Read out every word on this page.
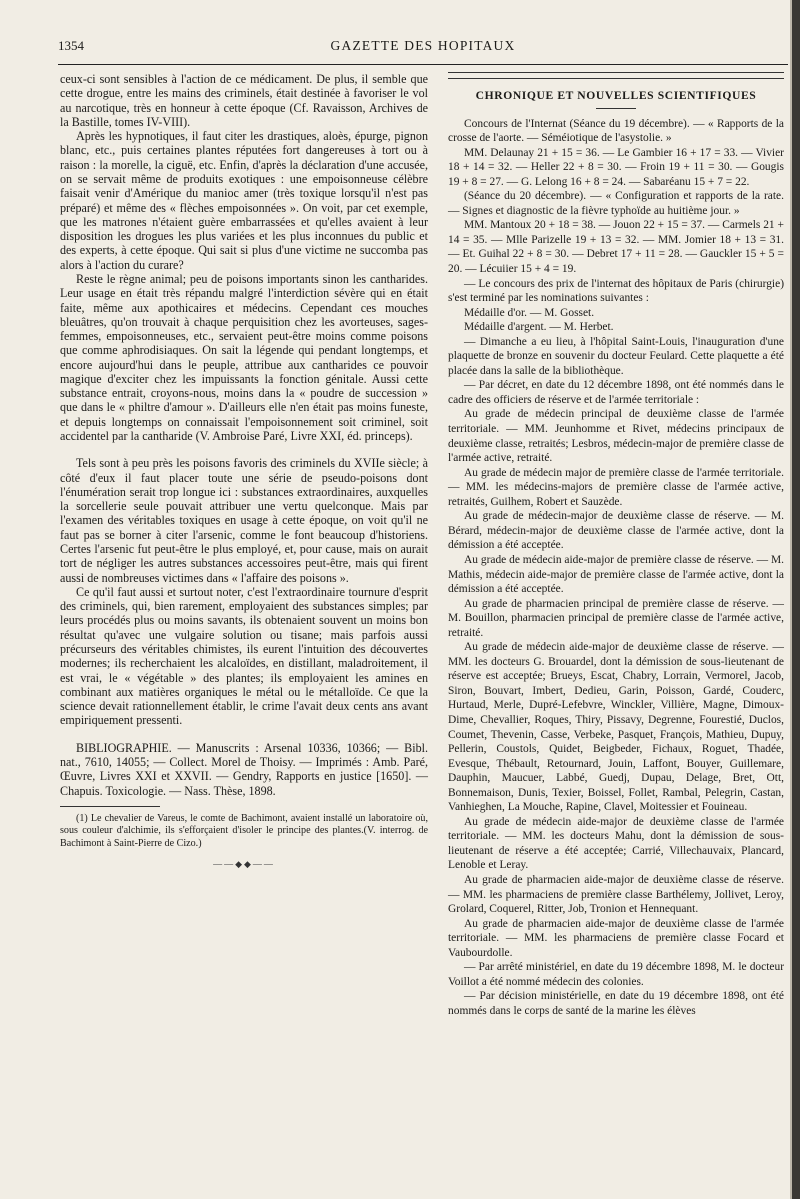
1354	GAZETTE DES HOPITAUX

ceux-ci sont sensibles à l'action de ce médicament. De plus, il semble que cette drogue, entre les mains des criminels, était destinée à favoriser le vol au narcotique, très en honneur à cette époque (Cf. Ravaisson, Archives de la Bastille, tomes IV-VIII).

Après les hypnotiques, il faut citer les drastiques, aloès, épurge, pignon blanc, etc., puis certaines plantes réputées fort dangereuses à tort ou à raison : la morelle, la ciguë, etc. Enfin, d'après la déclaration d'une accusée, on se servait même de produits exotiques : une empoisonneuse célèbre faisait venir d'Amérique du manioc amer (très toxique lorsqu'il n'est pas préparé) et même des « flèches empoisonnées ». On voit, par cet exemple, que les matrones n'étaient guère embarrassées et qu'elles avaient à leur disposition les drogues les plus variées et les plus inconnues du public et des experts, à cette époque. Qui sait si plus d'une victime ne succomba pas alors à l'action du curare?

Reste le règne animal; peu de poisons importants sinon les cantharides. Leur usage en était très répandu malgré l'interdiction sévère qui en était faite, même aux apothicaires et médecins. Cependant ces mouches bleuâtres, qu'on trouvait à chaque perquisition chez les avorteuses, sages-femmes, empoisonneuses, etc., servaient peut-être moins comme poisons que comme aphrodisiaques. On sait la légende qui pendant longtemps, et encore aujourd'hui dans le peuple, attribue aux cantharides ce pouvoir magique d'exciter chez les impuissants la fonction génitale. Aussi cette substance entrait, croyons-nous, moins dans la « poudre de succession » que dans le « philtre d'amour ». D'ailleurs elle n'en était pas moins funeste, et depuis longtemps on connaissait l'empoisonnement soit criminel, soit accidentel par la cantharide (V. Ambroise Paré, Livre XXI, éd. princeps).

Tels sont à peu près les poisons favoris des criminels du XVIIe siècle; à côté d'eux il faut placer toute une série de pseudo-poisons dont l'énumération serait trop longue ici : substances extraordinaires, auxquelles la sorcellerie seule pouvait attribuer une vertu quelconque. Mais par l'examen des véritables toxiques en usage à cette époque, on voit qu'il ne faut pas se borner à citer l'arsenic, comme le font beaucoup d'historiens. Certes l'arsenic fut peut-être le plus employé, et, pour cause, mais on aurait tort de négliger les autres substances accessoires peut-être, mais qui firent aussi de nombreuses victimes dans « l'affaire des poisons ».

Ce qu'il faut aussi et surtout noter, c'est l'extraordinaire tournure d'esprit des criminels, qui, bien rarement, employaient des substances simples; par leurs procédés plus ou moins savants, ils obtenaient souvent un moins bon résultat qu'avec une vulgaire solution ou tisane; mais parfois aussi précurseurs des véritables chimistes, ils eurent l'intuition des découvertes modernes; ils recherchaient les alcaloïdes, en distillant, maladroitement, il est vrai, le « végétable » des plantes; ils employaient les amines en combinant aux matières organiques le métal ou le métalloïde. Ce que la science devait rationnellement établir, le crime l'avait deux cents ans avant empiriquement pressenti.

BIBLIOGRAPHIE. — Manuscrits : Arsenal 10336, 10366; — Bibl. nat., 7610, 14055; — Collect. Morel de Thoisy. — Imprimés : Amb. Paré, Œuvre, Livres XXI et XXVII. — Gendry, Rapports en justice [1650]. — Chapuis. Toxicologie. — Nass. Thèse, 1898.

(1) Le chevalier de Vareus, le comte de Bachimont, avaient installé un laboratoire où, sous couleur d'alchimie, ils s'efforçaient d'isoler le principe des plantes.(V. interrog. de Bachimont à Saint-Pierre de Cizo.)

——◆◆——
CHRONIQUE ET NOUVELLES SCIENTIFIQUES

Concours de l'Internat (Séance du 19 décembre). — « Rapports de la crosse de l'aorte. — Séméiotique de l'asystolie. »

MM. Delaunay 21 + 15 = 36. — Le Gambier 16 + 17 = 33. — Vivier 18 + 14 = 32. — Heller 22 + 8 = 30. — Froin 19 + 11 = 30. — Gougis 19 + 8 = 27. — G. Lelong 16 + 8 = 24. — Sabaréanu 15 + 7 = 22.

(Séance du 20 décembre). — « Configuration et rapports de la rate. — Signes et diagnostic de la fièvre typhoïde au huitième jour. »

MM. Mantoux 20 + 18 = 38. — Jouon 22 + 15 = 37. — Carmels 21 + 14 = 35. — Mlle Parizelle 19 + 13 = 32. — MM. Jomier 18 + 13 = 31. — Et. Guihal 22 + 8 = 30. — Debret 17 + 11 = 28. — Gauckler 15 + 5 = 20. — Lécuiier 15 + 4 = 19.

— Le concours des prix de l'internat des hôpitaux de Paris (chirurgie) s'est terminé par les nominations suivantes :

Médaille d'or. — M. Gosset.

Médaille d'argent. — M. Herbet.

— Dimanche a eu lieu, à l'hôpital Saint-Louis, l'inauguration d'une plaquette de bronze en souvenir du docteur Feulard. Cette plaquette a été placée dans la salle de la bibliothèque.

— Par décret, en date du 12 décembre 1898, ont été nommés dans le cadre des officiers de réserve et de l'armée territoriale :

Au grade de médecin principal de deuxième classe de l'armée territoriale. — MM. Jeunhomme et Rivet, médecins principaux de deuxième classe, retraités; Lesbros, médecin-major de première classe de l'armée active, retraité.

Au grade de médecin major de première classe de l'armée territoriale. — MM. les médecins-majors de première classe de l'armée active, retraités, Guilhem, Robert et Sauzède.

Au grade de médecin-major de deuxième classe de réserve. — M. Bérard, médecin-major de deuxième classe de l'armée active, dont la démission a été acceptée.

Au grade de médecin aide-major de première classe de réserve. — M. Mathis, médecin aide-major de première classe de l'armée active, dont la démission a été acceptée.

Au grade de pharmacien principal de première classe de réserve. — M. Bouillon, pharmacien principal de première classe de l'armée active, retraité.

Au grade de médecin aide-major de deuxième classe de réserve. — MM. les docteurs G. Brouardel, dont la démission de sous-lieutenant de réserve est acceptée; Brueys, Escat, Chabry, Lorrain, Vermorel, Jacob, Siron, Bouvart, Imbert, Dedieu, Garin, Poisson, Gardé, Couderc, Hurtaud, Merle, Dupré-Lefebvre, Winckler, Villière, Magne, Dimoux-Dime, Chevallier, Roques, Thiry, Pissavy, Degrenne, Fourestié, Duclos, Coumet, Thevenin, Casse, Verbeke, Pasquet, François, Mathieu, Dupuy, Pellerin, Coustols, Quidet, Beigbeder, Fichaux, Roguet, Thadée, Evesque, Thébault, Retournard, Jouin, Laffont, Bouyer, Guillemare, Dauphin, Maucuer, Labbé, Guedj, Dupau, Delage, Bret, Ott, Bonnemaison, Dunis, Texier, Boissel, Follet, Rambal, Pelegrin, Castan, Vanhieghen, La Mouche, Rapine, Clavel, Moitessier et Fouineau.

Au grade de médecin aide-major de deuxième classe de l'armée territoriale. — MM. les docteurs Mahu, dont la démission de sous-lieutenant de réserve a été acceptée; Carrié, Villechauvaix, Plancard, Lenoble et Leray.

Au grade de pharmacien aide-major de deuxième classe de réserve. — MM. les pharmaciens de première classe Barthélemy, Jollivet, Leroy, Grolard, Coquerel, Ritter, Job, Tronion et Hennequant.

Au grade de pharmacien aide-major de deuxième classe de l'armée territoriale. — MM. les pharmaciens de première classe Focard et Vaubourdolle.

— Par arrêté ministériel, en date du 19 décembre 1898, M. le docteur Voillot a été nommé médecin des colonies.

— Par décision ministérielle, en date du 19 décembre 1898, ont été nommés dans le corps de santé de la marine les élèves
